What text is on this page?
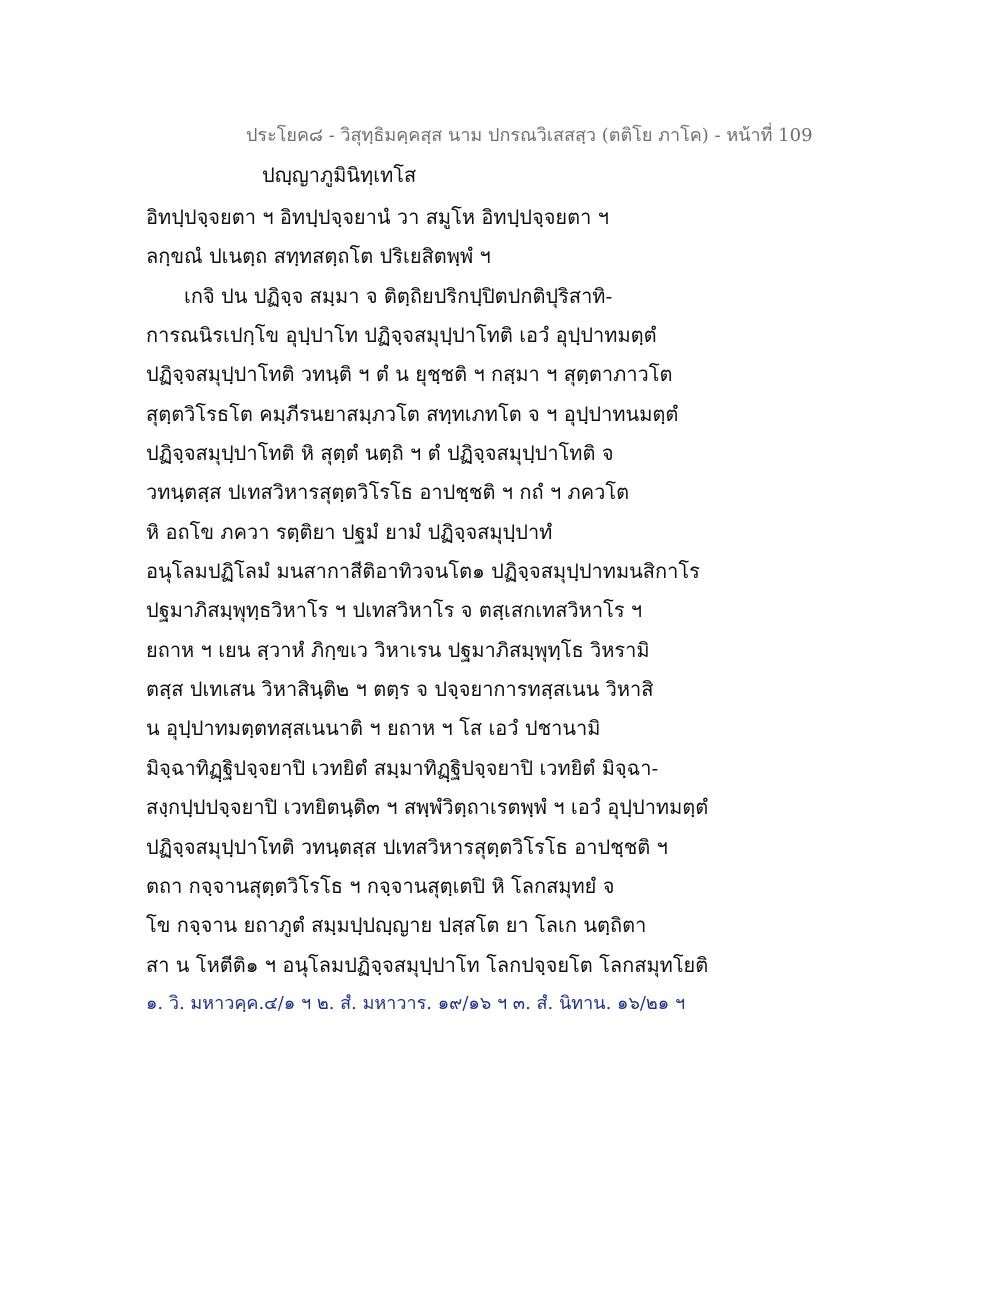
ประโยค๘ - วิสุทฺธิมคฺคสฺส นาม ปกรณวิเสสสฺว (ตติโย ภาโค) - หน้าที่ 109
ปญฺญาภูมินิทฺเทโส
อิทปฺปจฺจยตา ฯ อิทปฺปจฺจยานํ วา สมูโห อิทปฺปจฺจยตา ฯ
ลกฺขณํ ปเนตฺถ สทฺทสตฺถโต ปริเยสิตพฺพํ ฯ
เกจิ ปน ปฏิจฺจ สมฺมา จ ติตฺถิยปริกปฺปิตปกติปุริสาทิ-
การณนิรเปกฺโข อุปฺปาโท ปฏิจฺจสมุปฺปาโทติ เอวํ อุปฺปาทมตฺตํ
ปฏิจฺจสมุปฺปาโทติ วทนฺติ ฯ ตํ น ยุชฺชติ ฯ กสฺมา ฯ สุตฺตาภาวโต
สุตฺตวิโรธโต คมฺภีรนยาสมฺภวโต สทฺทเภทโต จ ฯ อุปฺปาทนมตฺตํ
ปฏิจฺจสมุปฺปาโทติ หิ สุตฺตํ นตฺถิ ฯ ตํ ปฏิจฺจสมุปฺปาโทติ จ
วทนฺตสฺส ปเทสวิหารสุตฺตวิโรโธ อาปชฺชติ ฯ กถํ ฯ ภควโต
หิ อถโข ภควา รตฺติยา ปฐมํ ยามํ ปฏิจฺจสมุปฺปาทํ
อนุโลมปฏิโลมํ มนสากาสีติอาทิวจนโต๑ ปฏิจฺจสมุปฺปาทมนสิกาโร
ปฐมาภิสมฺพุทฺธวิหาโร ฯ ปเทสวิหาโร จ ตสฺเสกเทสวิหาโร ฯ
ยถาห ฯ เยน สฺวาหํ ภิกฺขเว วิหาเรน ปฐมาภิสมฺพุทฺโธ วิหรามิ
ตสฺส ปเทเสน วิหาสินฺติ๒ ฯ ตตฺร จ ปจฺจยาการทสฺสเนน วิหาสิ
น อุปฺปาทมตฺตทสฺสเนนาติ ฯ ยถาห ฯ โส เอวํ ปชานามิ
มิจฺฉาทิฏฺฐิปจฺจยาปิ เวทยิตํ สมฺมาทิฏฺฐิปจฺจยาปิ เวทยิตํ มิจฺฉา-
สงฺกปฺปปจฺจยาปิ เวทยิตนฺติ๓ ฯ สพฺพํวิตฺถาเรตพฺพํ ฯ เอวํ อุปฺปาทมตฺตํ
ปฏิจฺจสมุปฺปาโทติ วทนฺตสฺส ปเทสวิหารสุตฺตวิโรโธ อาปชฺชติ ฯ
ตถา กจฺจานสุตฺตวิโรโธ ฯ กจฺจานสุตฺเตปิ หิ โลกสมุทยํ จ
โข กจฺจาน ยถาภูตํ สมฺมปฺปญฺญาย ปสฺสโต ยา โลเก นตฺถิตา
สา น โหตีติ๑ ฯ อนุโลมปฏิจฺจสมุปฺปาโท โลกปจฺจยโต โลกสมุทโยติ
๑. วิ. มหาวคฺค.๔/๑ ฯ ๒. สํ. มหาวาร. ๑๙/๑๖ ฯ ๓. สํ. นิทาน. ๑๖/๒๑ ฯ
